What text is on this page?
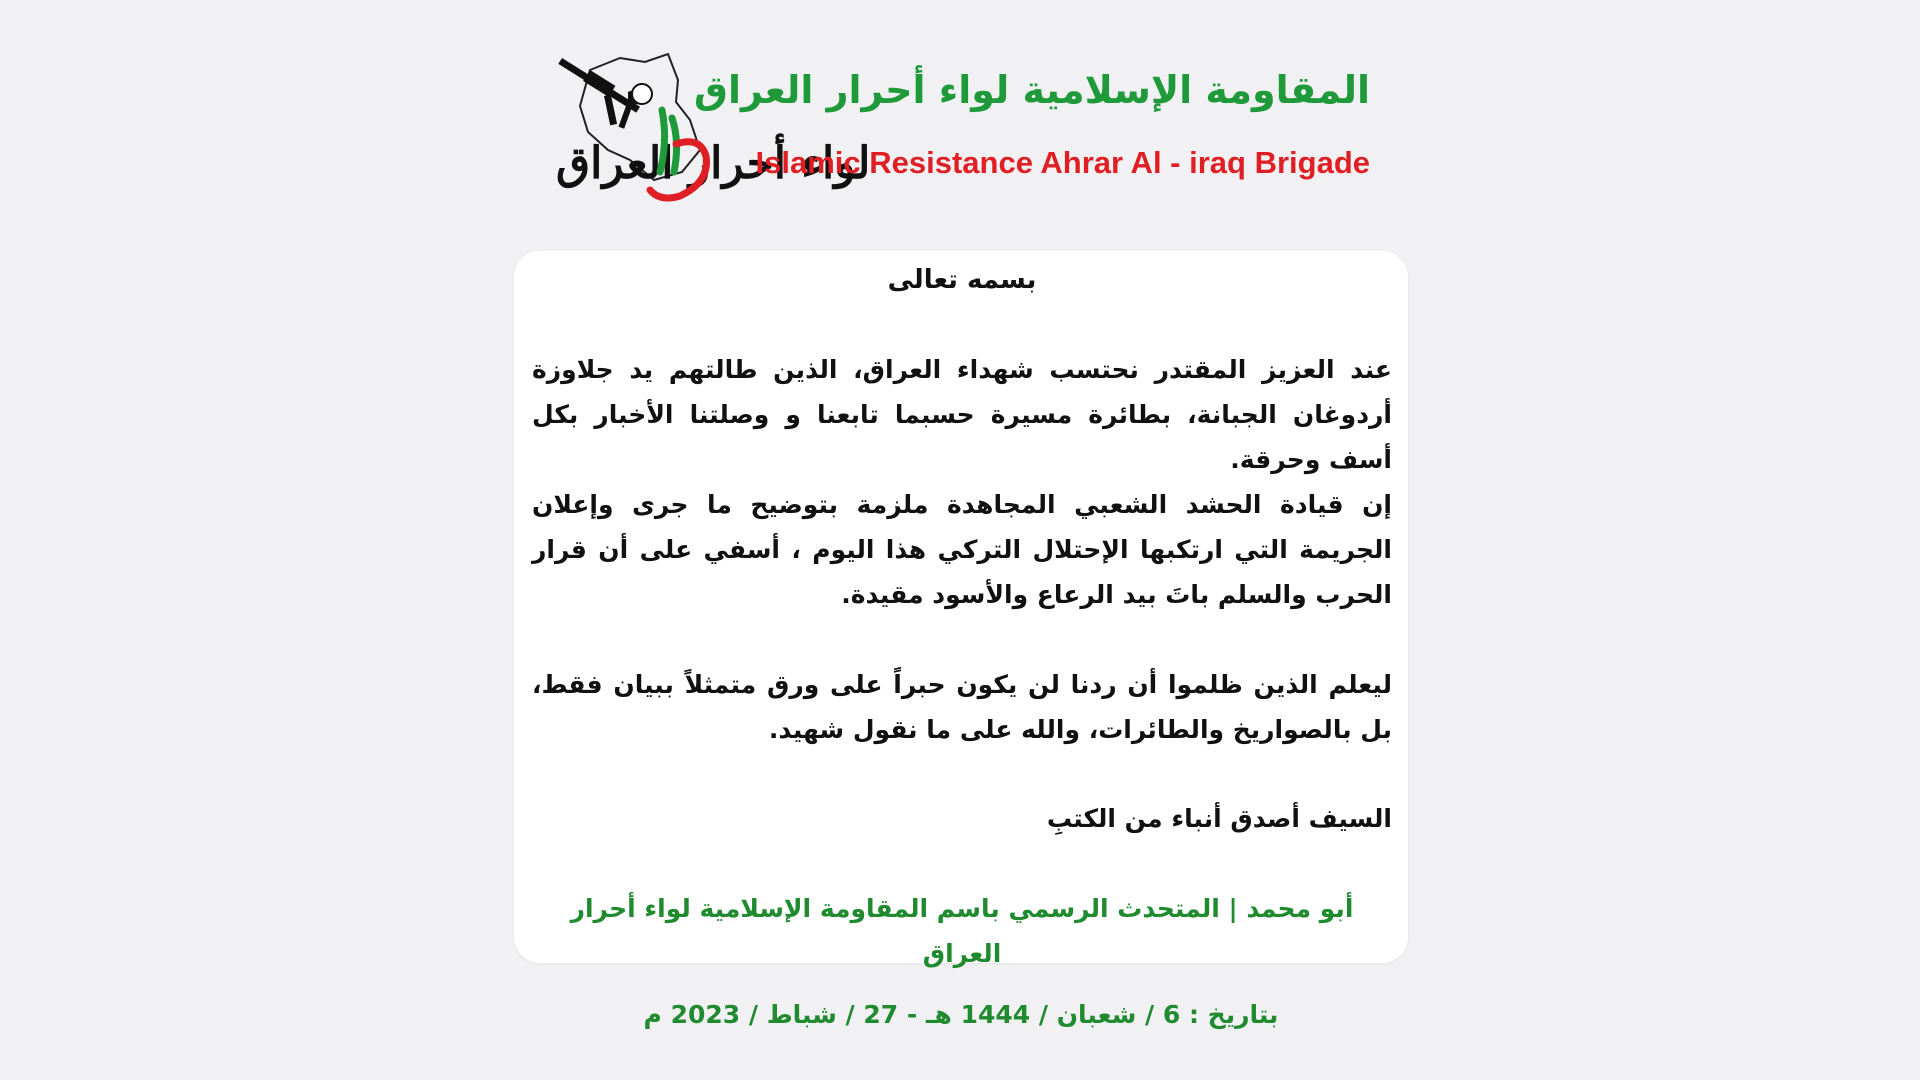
لواء أحرار العراق
المقاومة الإسلامية لواء أحرار العراق
Islamic Resistance Ahrar Al - iraq Brigade
بسمه تعالى
عند العزيز المقتدر نحتسب شهداء العراق، الذين طالتهم يد جلاوزة أردوغان الجبانة، بطائرة مسيرة حسبما تابعنا و وصلتنا الأخبار بكل أسف وحرقة.
إن قيادة الحشد الشعبي المجاهدة ملزمة بتوضيح ما جرى وإعلان الجريمة التي ارتكبها الإحتلال التركي هذا اليوم ، أسفي على أن قرار الحرب والسلم باتَ بيد الرعاع والأسود مقيدة.
ليعلم الذين ظلموا أن ردنا لن يكون حبراً على ورق متمثلاً ببيان فقط، بل بالصواريخ والطائرات، والله على ما نقول شهيد.
السيف أصدق أنباء من الكتبِ
أبو محمد | المتحدث الرسمي باسم المقاومة الإسلامية لواء أحرار العراق
بتاريخ : 6 / شعبان / 1444 هـ - 27 / شباط / 2023 م
